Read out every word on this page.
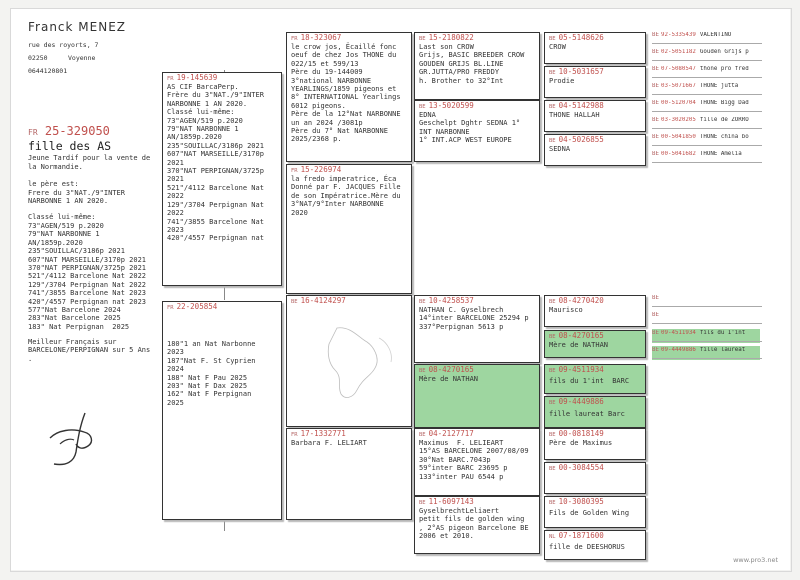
Franck MENEZ
rue des royorts, 7
02250	Voyenne
0644120801
FR 25-329050
fille des AS
Jeune Tardif pour la vente de
la Normandie.
le père est:
Frere du 3"NAT./9"INTER
NARBONNE 1 AN 2020.
Classé lui-même:
73"AGEN/519 p.2020
79"NAT NARBONNE 1
AN/1859p.2020
235"SOUILLAC/3186p 2021
607"NAT MARSEILLE/3170p 2021
370"NAT PERPIGNAN/3725p 2021
521"/4112 Barcelone Nat 2022
129"/3704 Perpignan Nat 2022
741"/3855 Barcelone Nat 2023
420"/4557 Perpignan nat 2023
577"Nat Barcelone 2024
283"Nat Barcelone 2025
183" Nat Perpignan  2025
Meilleur Français sur
BARCELONE/PERPIGNAN sur 5 Ans
.
FR 19-145639
AS CIF BarcaPerp.
Frère du 3"NAT./9"INTER
NARBONNE 1 AN 2020.
Classé lui-même:
73"AGEN/519 p.2020
79"NAT NARBONNE 1
AN/1859p.2020
235"SOUILLAC/3186p 2021
607"NAT MARSEILLE/3170p
2021
370"NAT PERPIGNAN/3725p
2021
521"/4112 Barcelone Nat
2022
129"/3704 Perpignan Nat
2022
741"/3855 Barcelone Nat
2023
420"/4557 Perpignan nat
FR 22-205854
180"1 an Nat Narbonne
2023
187"Nat F. St Cyprien
2024
188" Nat F Pau 2025
203" Nat F Dax 2025
162" Nat F Perpignan
2025
FR 18-323067
le crow jos, Ëcaillé fonc
oeuf de chez Jos THONE du
022/15 et 599/13
Père du 19-144009
3°national NARBONNE
YEARLINGS/1859 pigeons et
8° INTERNATIONAL Yearlings
6012 pigeons.
Père de la 12°Nat NARBONNE
un an 2024 /3081p
Père du 7° Nat NARBONNE
2025/2368 p.
FR 15-226974
la fredo imperatrice, Éca
Donné par F. JACQUES Fille
de son Impératrice.Mère du
3°NAT/9°Inter NARBONNE
2020
BE 16-4124297
FR 17-1332771
Barbara F. LELIART
BE 15-2180822
Last son CROW
Grijs, BASIC BREEDER CROW
GOUDEN GRIJS BL.LINE
GR.JUTTA/PRO FREDDY
h. Brother to 32°Int
BE 13-5020599
EDNA
Geschelpt Dghtr SEDNA 1°
INT NARBONNE
1° INT.ACP WEST EUROPE
BE 10-4258537
NATHAN C. Gyselbrech
14°inter BARCELONE 25294 p
337°Perpignan 5613 p
BE 08-4270165
Mère de NATHAN
BE 04-2127717
Maximus  F. LELIEART
15°AS BARCELONE 2007/08/09
30°Nat BARC.7043p
59°inter BARC 23695 p
133°inter PAU 6544 p
BE 11-6097143
GyselbrechtLeliaert
petit fils de golden wing
, 2°AS pigeon Barcelone BE
2006 et 2010.
BE 05-5148626
CROW
BE 10-5031657
Prodie
BE 04-5142988
THONE HALLAH
BE 04-5026855
SEDNA
BE 08-4270420
Maurisco
BE 08-4270165
Mère de NATHAN
BE 09-4511934
fils du 1'int  BARC
BE 09-4449886
fille laureat Barc
BE 00-0818149
Père de Maximus
BE 00-3084554
BE 10-3080395
Fils de Golden Wing
NL 07-1871600
fille de DEESHORUS
BE 92-5335439 VALENTINO
BE 02-5051182 Gouden Grijs p
BE 07-5080547 thone pro fred
BE 03-5071667 THONE jutta
BE 00-5120704 THONE Bigg Dad
BE 03-3020205 fille de ZORRO
BE 00-5041850 THONE china bo
BE 00-5041682 THONE Amelia
BE
BE
BE 09-4511934 fils du 1'int
BE 09-4449886 fille laureat
www.pro3.net
